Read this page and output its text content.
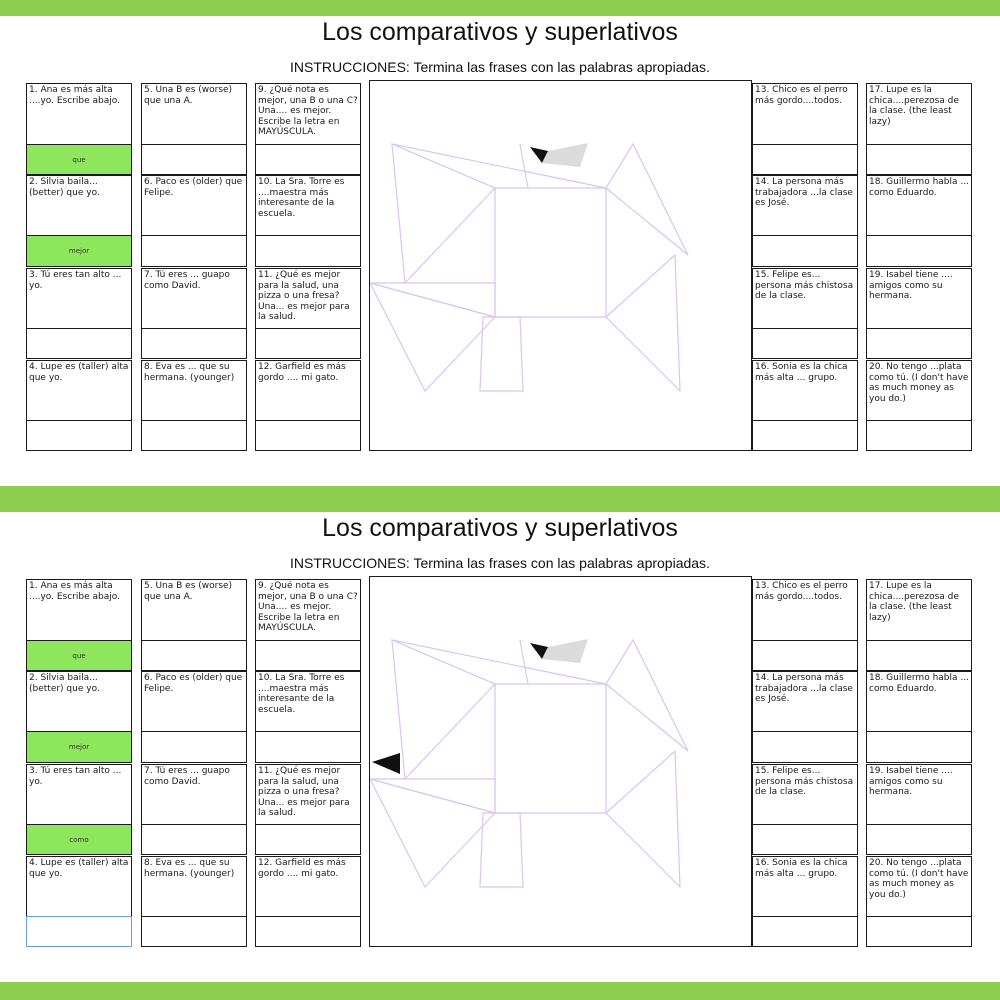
Los comparativos y superlativos
INSTRUCCIONES: Termina las frases con las palabras apropiadas.
1. Ana es más alta ....yo. Escribe abajo.
que
2. Silvia baila... (better) que yo.
mejor
3. Tú eres tan alto ... yo.
4. Lupe es (taller) alta que yo.
5. Una B es (worse) que una A.
6. Paco es (older) que Felipe.
7. Tú eres ... guapo como David.
8. Eva es ... que su hermana. (younger)
9. ¿Qué nota es mejor, una B o una C? Una.... es mejor. Escribe la letra en MAYÚSCULA.
10. La Sra. Torre es ....maestra más interesante de la escuela.
11. ¿Qué es mejor para la salud, una pizza o una fresa? Una... es mejor para la salud.
12. Garfield es más gordo .... mi gato.
13. Chico es el perro más gordo....todos.
14. La persona más trabajadora ...la clase es José.
15. Felipe es... persona más chistosa de la clase.
16. Sonia es la chica más alta ... grupo.
17. Lupe es la chica....perezosa de la clase. (the least lazy)
18. Guillermo habla ... como Eduardo.
19. Isabel tiene .... amigos como su hermana.
20. No tengo ...plata como tú. (I don't have as much money as you do.)
Los comparativos y superlativos
INSTRUCCIONES: Termina las frases con las palabras apropiadas.
1. Ana es más alta ....yo. Escribe abajo.
que
2. Silvia baila... (better) que yo.
mejor
3. Tú eres tan alto ... yo.
como
4. Lupe es (taller) alta que yo.
5. Una B es (worse) que una A.
6. Paco es (older) que Felipe.
7. Tú eres ... guapo como David.
8. Eva es ... que su hermana. (younger)
9. ¿Qué nota es mejor, una B o una C? Una.... es mejor. Escribe la letra en MAYÚSCULA.
10. La Sra. Torre es ....maestra más interesante de la escuela.
11. ¿Qué es mejor para la salud, una pizza o una fresa? Una... es mejor para la salud.
12. Garfield es más gordo .... mi gato.
13. Chico es el perro más gordo....todos.
14. La persona más trabajadora ...la clase es José.
15. Felipe es... persona más chistosa de la clase.
16. Sonia es la chica más alta ... grupo.
17. Lupe es la chica....perezosa de la clase. (the least lazy)
18. Guillermo habla ... como Eduardo.
19. Isabel tiene .... amigos como su hermana.
20. No tengo ...plata como tú. (I don't have as much money as you do.)
